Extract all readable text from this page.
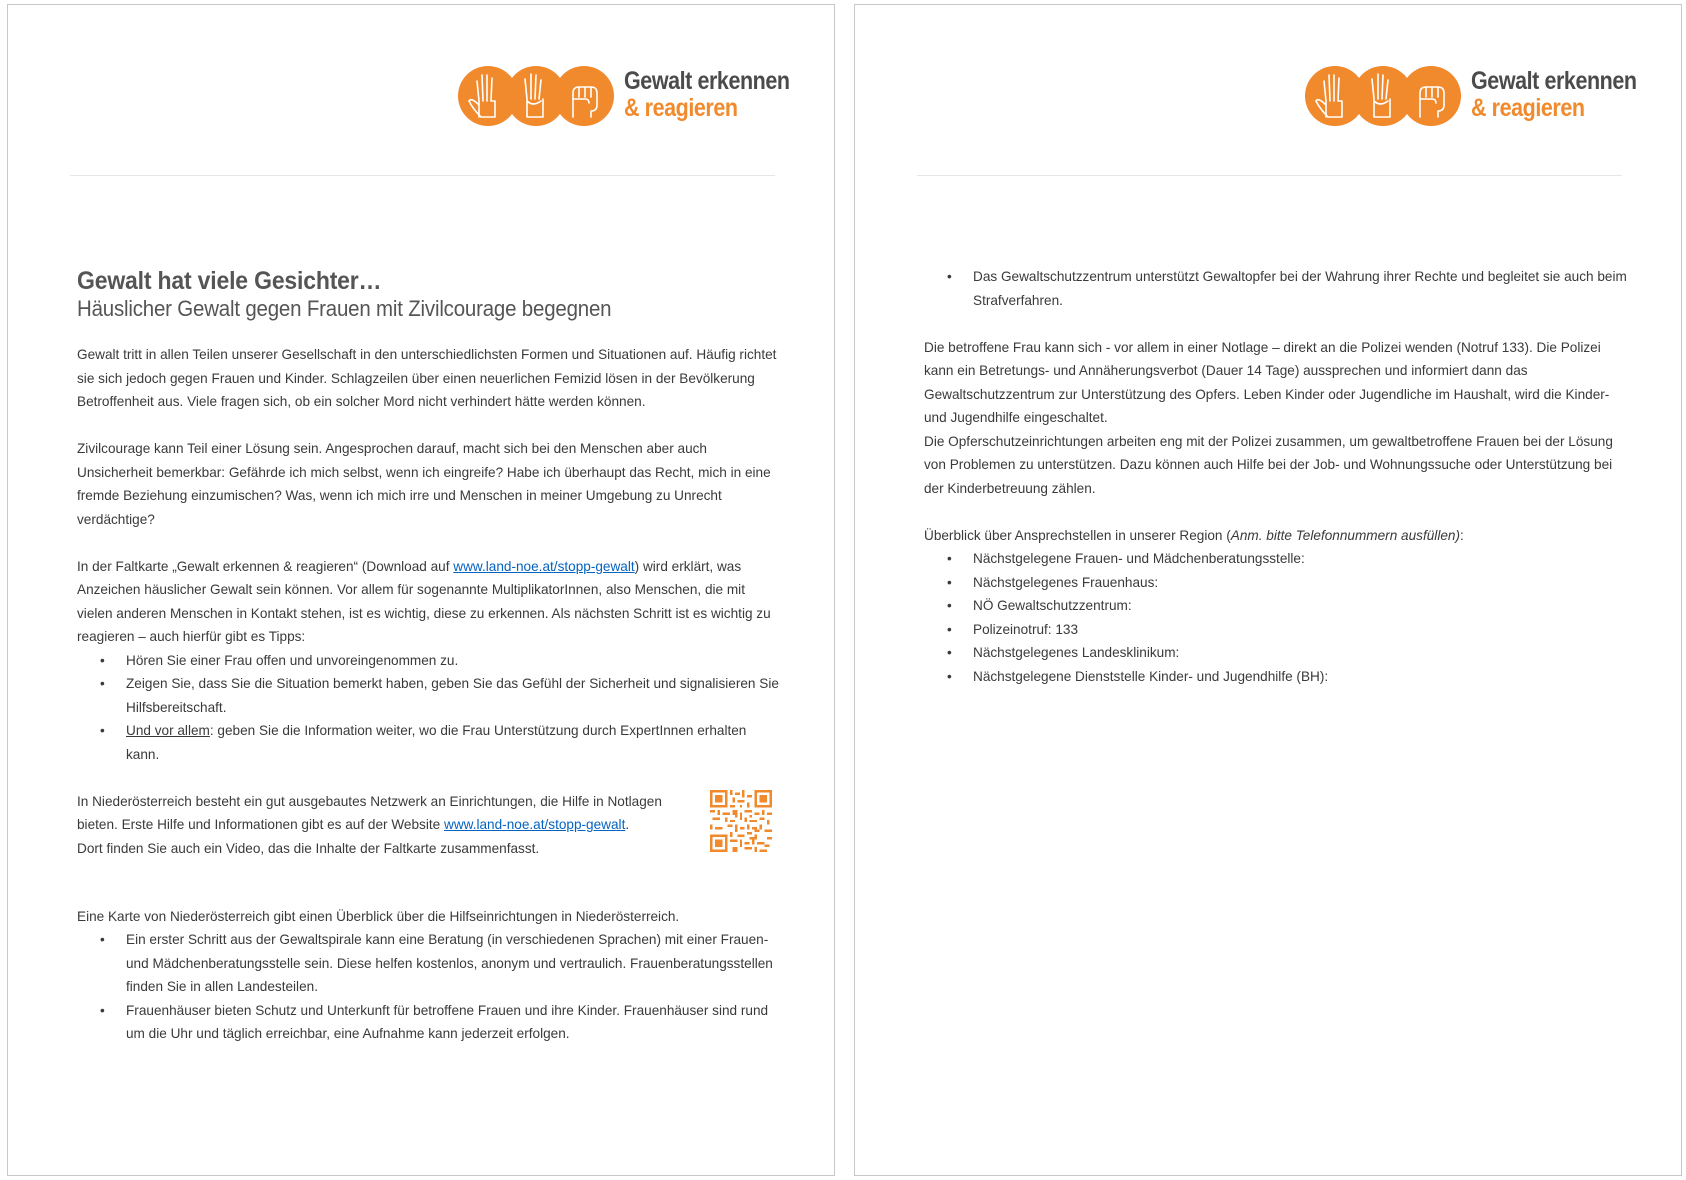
Gewalt erkennen
& reagieren
Gewalt hat viele Gesichter…
Häuslicher Gewalt gegen Frauen mit Zivilcourage begegnen

Gewalt tritt in allen Teilen unserer Gesellschaft in den unterschiedlichsten Formen und Situationen auf. Häufig richtet sie sich jedoch gegen Frauen und Kinder. Schlagzeilen über einen neuerlichen Femizid lösen in der Bevölkerung Betroffenheit aus. Viele fragen sich, ob ein solcher Mord nicht verhindert hätte werden können.

Zivilcourage kann Teil einer Lösung sein. Angesprochen darauf, macht sich bei den Menschen aber auch Unsicherheit bemerkbar: Gefährde ich mich selbst, wenn ich eingreife? Habe ich überhaupt das Recht, mich in eine fremde Beziehung einzumischen? Was, wenn ich mich irre und Menschen in meiner Umgebung zu Unrecht verdächtige?

In der Faltkarte „Gewalt erkennen & reagieren“ (Download auf www.land-noe.at/stopp-gewalt) wird erklärt, was Anzeichen häuslicher Gewalt sein können. Vor allem für sogenannte MultiplikatorInnen, also Menschen, die mit vielen anderen Menschen in Kontakt stehen, ist es wichtig, diese zu erkennen. Als nächsten Schritt ist es wichtig zu reagieren – auch hierfür gibt es Tipps:

• Hören Sie einer Frau offen und unvoreingenommen zu.
• Zeigen Sie, dass Sie die Situation bemerkt haben, geben Sie das Gefühl der Sicherheit und signalisieren Sie Hilfsbereitschaft.
• Und vor allem: geben Sie die Information weiter, wo die Frau Unterstützung durch ExpertInnen erhalten kann.

In Niederösterreich besteht ein gut ausgebautes Netzwerk an Einrichtungen, die Hilfe in Notlagen bieten. Erste Hilfe und Informationen gibt es auf der Website www.land-noe.at/stopp-gewalt.
Dort finden Sie auch ein Video, das die Inhalte der Faltkarte zusammenfasst.

Eine Karte von Niederösterreich gibt einen Überblick über die Hilfseinrichtungen in Niederösterreich.

• Ein erster Schritt aus der Gewaltspirale kann eine Beratung (in verschiedenen Sprachen) mit einer Frauen- und Mädchenberatungsstelle sein. Diese helfen kostenlos, anonym und vertraulich. Frauenberatungsstellen finden Sie in allen Landesteilen.
• Frauenhäuser bieten Schutz und Unterkunft für betroffene Frauen und ihre Kinder. Frauenhäuser sind rund um die Uhr und täglich erreichbar, eine Aufnahme kann jederzeit erfolgen.
Gewalt erkennen
& reagieren
• Das Gewaltschutzzentrum unterstützt Gewaltopfer bei der Wahrung ihrer Rechte und begleitet sie auch beim Strafverfahren.

Die betroffene Frau kann sich - vor allem in einer Notlage – direkt an die Polizei wenden (Notruf 133). Die Polizei kann ein Betretungs- und Annäherungsverbot (Dauer 14 Tage) aussprechen und informiert dann das Gewaltschutzzentrum zur Unterstützung des Opfers. Leben Kinder oder Jugendliche im Haushalt, wird die Kinder- und Jugendhilfe eingeschaltet.

Die Opferschutzeinrichtungen arbeiten eng mit der Polizei zusammen, um gewaltbetroffene Frauen bei der Lösung von Problemen zu unterstützen. Dazu können auch Hilfe bei der Job- und Wohnungssuche oder Unterstützung bei der Kinderbetreuung zählen.

Überblick über Ansprechstellen in unserer Region (Anm. bitte Telefonnummern ausfüllen):

• Nächstgelegene Frauen- und Mädchenberatungsstelle:
• Nächstgelegenes Frauenhaus:
• NÖ Gewaltschutzzentrum:
• Polizeinotruf: 133
• Nächstgelegenes Landesklinikum:
• Nächstgelegene Dienststelle Kinder- und Jugendhilfe (BH):
